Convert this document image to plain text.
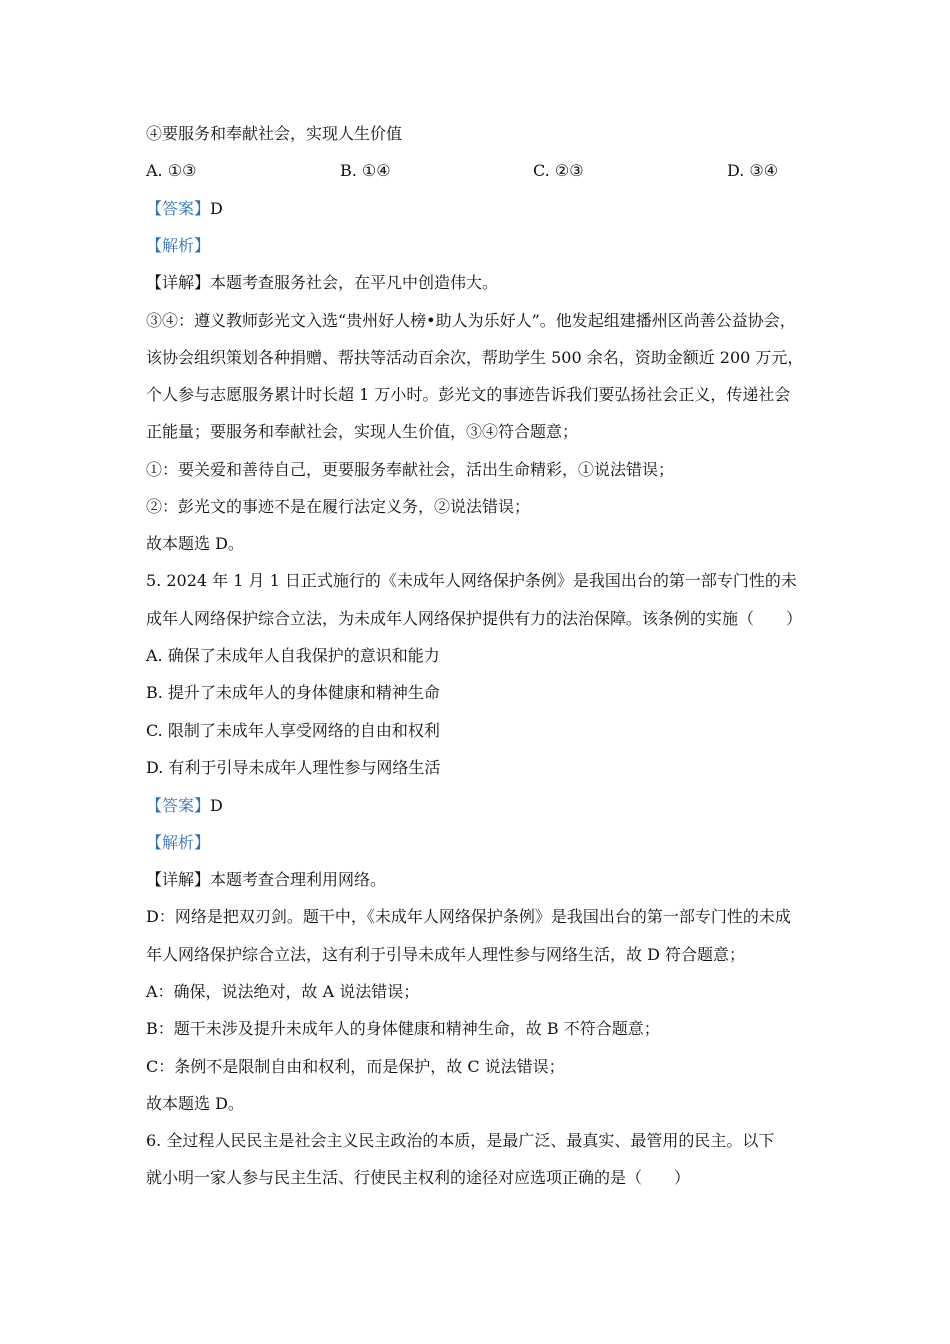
④要服务和奉献社会，实现人生价值
A. ①③	B. ①④	C. ②③	D. ③④
【答案】D
【解析】
【详解】本题考查服务社会，在平凡中创造伟大。
③④：遵义教师彭光文入选“贵州好人榜•助人为乐好人”。他发起组建播州区尚善公益协会，
该协会组织策划各种捐赠、帮扶等活动百余次，帮助学生 500 余名，资助金额近 200 万元，
个人参与志愿服务累计时长超 1 万小时。彭光文的事迹告诉我们要弘扬社会正义，传递社会
正能量；要服务和奉献社会，实现人生价值，③④符合题意；
①：要关爱和善待自己，更要服务奉献社会，活出生命精彩，①说法错误；
②：彭光文的事迹不是在履行法定义务，②说法错误；
故本题选 D。
5. 2024 年 1 月 1 日正式施行的《未成年人网络保护条例》是我国出台的第一部专门性的未
成年人网络保护综合立法，为未成年人网络保护提供有力的法治保障。该条例的实施（　　）
A. 确保了未成年人自我保护的意识和能力
B. 提升了未成年人的身体健康和精神生命
C. 限制了未成年人享受网络的自由和权利
D. 有利于引导未成年人理性参与网络生活
【答案】D
【解析】
【详解】本题考查合理利用网络。
D：网络是把双刃剑。题干中，《未成年人网络保护条例》是我国出台的第一部专门性的未成
年人网络保护综合立法，这有利于引导未成年人理性参与网络生活，故 D 符合题意；
A：确保，说法绝对，故 A 说法错误；
B：题干未涉及提升未成年人的身体健康和精神生命，故 B 不符合题意；
C：条例不是限制自由和权利，而是保护，故 C 说法错误；
故本题选 D。
6. 全过程人民民主是社会主义民主政治的本质，是最广泛、最真实、最管用的民主。以下
就小明一家人参与民主生活、行使民主权利的途径对应选项正确的是（　　）
